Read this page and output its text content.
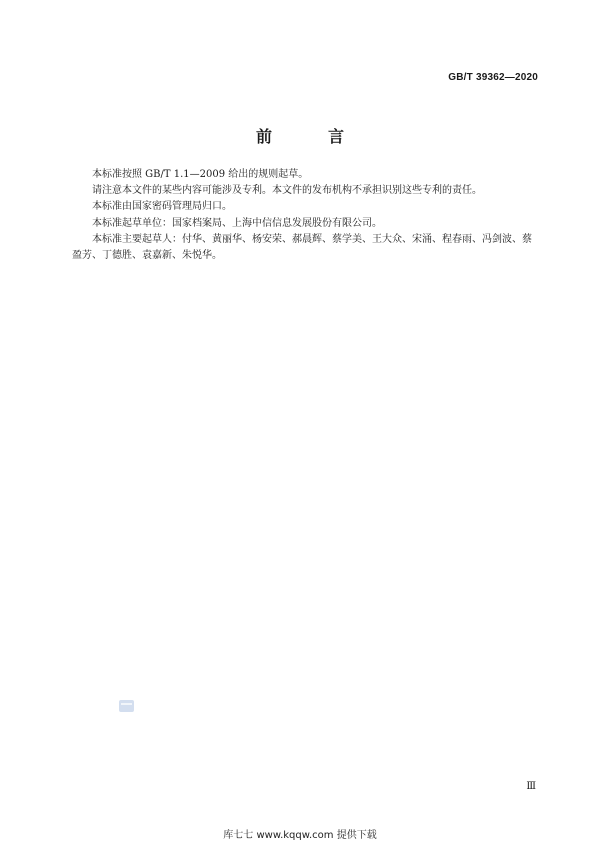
GB/T 39362—2020
前　言

本标准按照 GB/T 1.1—2009 给出的规则起草。

请注意本文件的某些内容可能涉及专利。本文件的发布机构不承担识别这些专利的责任。

本标准由国家密码管理局归口。

本标准起草单位：国家档案局、上海中信信息发展股份有限公司。

本标准主要起草人：付华、黄丽华、杨安荣、郝晨辉、蔡学美、王大众、宋涌、程春雨、冯剑波、蔡盈芳、丁德胜、袁嘉新、朱悦华。

Ⅲ
库七七 www.kqqw.com 提供下载
